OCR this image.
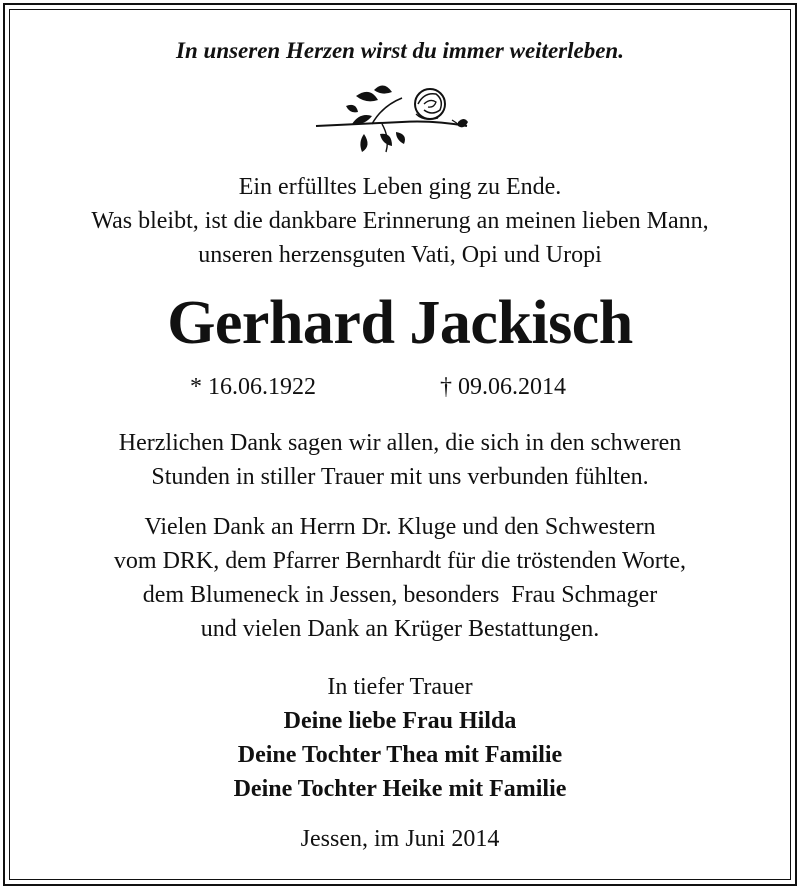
In unseren Herzen wirst du immer weiterleben.
Ein erfülltes Leben ging zu Ende.
Was bleibt, ist die dankbare Erinnerung an meinen lieben Mann,
unseren herzensguten Vati, Opi und Uropi
Gerhard Jackisch
* 16.06.1922	† 09.06.2014
Herzlichen Dank sagen wir allen, die sich in den schweren
Stunden in stiller Trauer mit uns verbunden fühlten.
Vielen Dank an Herrn Dr. Kluge und den Schwestern
vom DRK, dem Pfarrer Bernhardt für die tröstenden Worte,
dem Blumeneck in Jessen, besonders  Frau Schmager
und vielen Dank an Krüger Bestattungen.
In tiefer Trauer
Deine liebe Frau Hilda
Deine Tochter Thea mit Familie
Deine Tochter Heike mit Familie
Jessen, im Juni 2014
